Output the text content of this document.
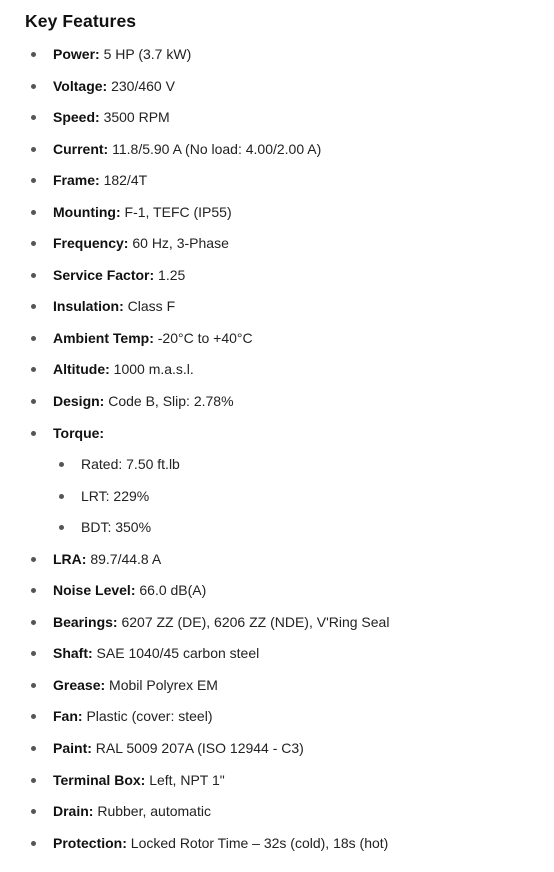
Key Features
Power: 5 HP (3.7 kW)
Voltage: 230/460 V
Speed: 3500 RPM
Current: 11.8/5.90 A (No load: 4.00/2.00 A)
Frame: 182/4T
Mounting: F-1, TEFC (IP55)
Frequency: 60 Hz, 3-Phase
Service Factor: 1.25
Insulation: Class F
Ambient Temp: -20°C to +40°C
Altitude: 1000 m.a.s.l.
Design: Code B, Slip: 2.78%
Torque:
Rated: 7.50 ft.lb
LRT: 229%
BDT: 350%
LRA: 89.7/44.8 A
Noise Level: 66.0 dB(A)
Bearings: 6207 ZZ (DE), 6206 ZZ (NDE), V'Ring Seal
Shaft: SAE 1040/45 carbon steel
Grease: Mobil Polyrex EM
Fan: Plastic (cover: steel)
Paint: RAL 5009 207A (ISO 12944 - C3)
Terminal Box: Left, NPT 1"
Drain: Rubber, automatic
Protection: Locked Rotor Time – 32s (cold), 18s (hot)
